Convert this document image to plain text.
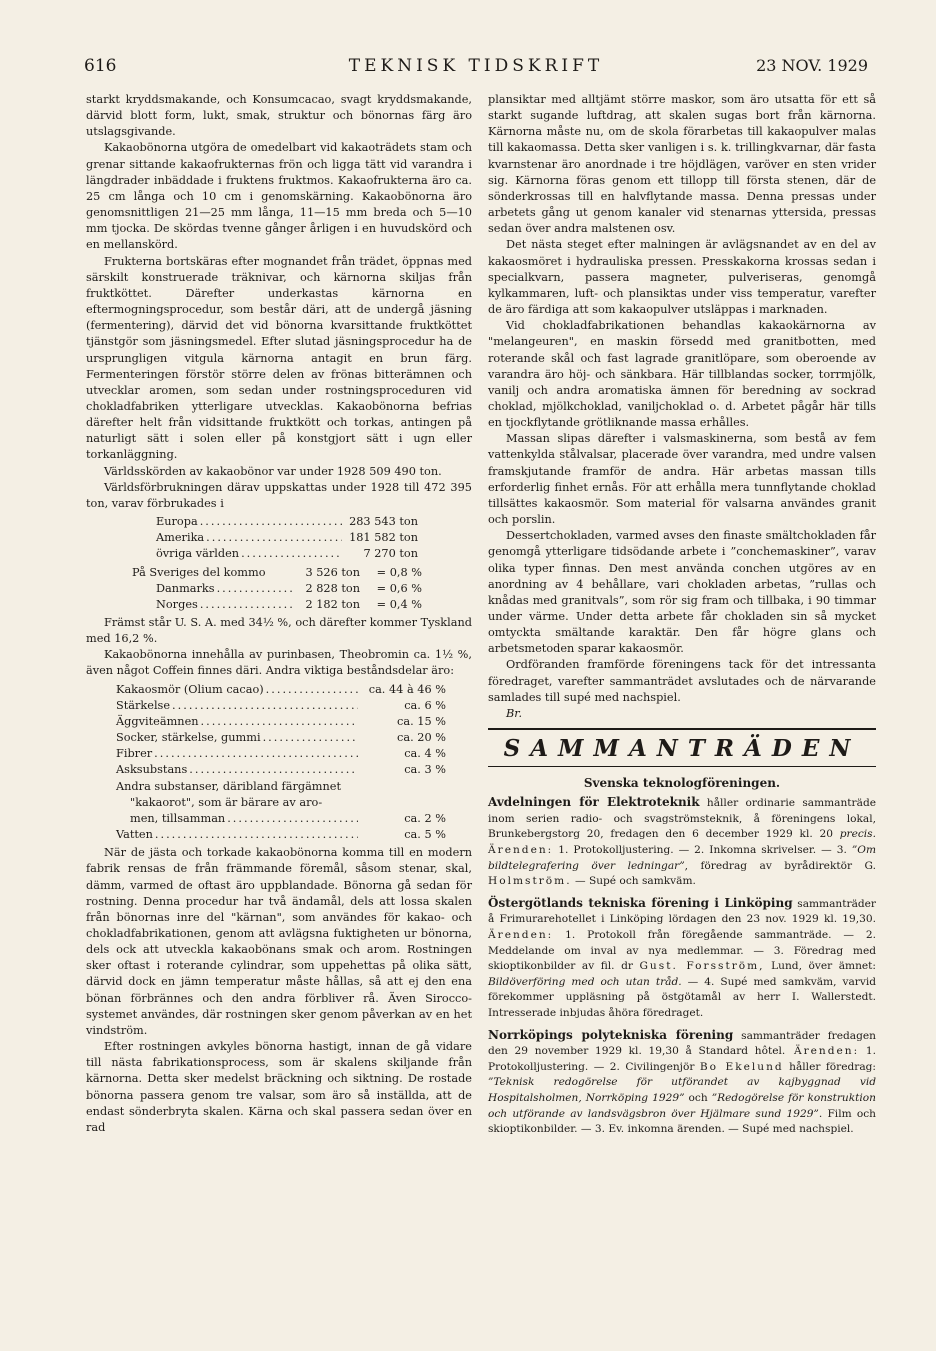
616	TEKNISK TIDSKRIFT	23 NOV. 1929

starkt kryddsmakande, och Konsumcacao, svagt kryddsmakande, därvid blott form, lukt, smak, struktur och bönornas färg äro utslagsgivande.

Kakaobönorna utgöra de omedelbart vid kakaoträdets stam och grenar sittande kakaofrukternas frön och ligga tätt vid varandra i längdrader inbäddade i fruktens fruktmos. Kakaofrukterna äro ca. 25 cm långa och 10 cm i genomskärning. Kakaobönorna äro genomsnittligen 21—25 mm långa, 11—15 mm breda och 5—10 mm tjocka. De skördas tvenne gånger årligen i en huvudskörd och en mellanskörd.

Frukterna bortskäras efter mognandet från trädet, öppnas med särskilt konstruerade träknivar, och kärnorna skiljas från fruktköttet. Därefter underkastas kärnorna en eftermogningsprocedur, som består däri, att de undergå jäsning (fermentering), därvid det vid bönorna kvarsittande fruktköttet tjänstgör som jäsningsmedel. Efter slutad jäsningsprocedur ha de ursprungligen vitgula kärnorna antagit en brun färg. Fermenteringen förstör större delen av frönas bitterämnen och utvecklar aromen, som sedan under rostningsproceduren vid chokladfabriken ytterligare utvecklas. Kakaobönorna befrias därefter helt från vidsittande fruktkött och torkas, antingen på naturligt sätt i solen eller på konstgjort sätt i ugn eller torkanläggning.

Världsskörden av kakaobönor var under 1928 509 490 ton.

Världsförbrukningen därav uppskattas under 1928 till 472 395 ton, varav förbrukades i

Europa .....	283 543 ton
Amerika .....	181 582 ton
övriga världen .....	7 270 ton
På Sveriges del kommo	3 526 ton	= 0,8 %
Danmarks .....	2 828 ton	= 0,6 %
Norges .....	2 182 ton	= 0,4 %

Främst står U. S. A. med 34½ %, och därefter kommer Tyskland med 16,2 %.

Kakaobönorna innehålla av purinbasen, Theobromin ca. 1½ %, även något Coffein finnes däri. Andra viktiga beståndsdelar äro:

Kakaosmör (Olium cacao) .....	ca. 44 à 46 %
Stärkelse .....	ca. 6 %
Äggviteämnen .....	ca. 15 %
Socker, stärkelse, gummi .....	ca. 20 %
Fibrer .....	ca. 4 %
Asksubstans .....	ca. 3 %
Andra substanser, däribland färgämnet
"kakaorot", som är bärare av aro-
men, tillsamman .....	ca. 2 %
Vatten .....	ca. 5 %

När de jästa och torkade kakaobönorna komma till en modern fabrik rensas de från främmande föremål, såsom stenar, skal, dämm, varmed de oftast äro uppblandade. Bönorna gå sedan för rostning. Denna procedur har två ändamål, dels att lossa skalen från bönornas inre del "kärnan", som användes för kakao- och chokladfabrikationen, genom att avlägsna fuktigheten ur bönorna, dels ock att utveckla kakaobönans smak och arom. Rostningen sker oftast i roterande cylindrar, som uppehettas på olika sätt, därvid dock en jämn temperatur måste hållas, så att ej den ena bönan förbrännes och den andra förbliver rå. Även Sirocco-systemet användes, där rostningen sker genom påverkan av en het vindström.

Efter rostningen avkyles bönorna hastigt, innan de gå vidare till nästa fabrikationsprocess, som är skalens skiljande från kärnorna. Detta sker medelst bräckning och siktning. De rostade bönorna passera genom tre valsar, som äro så inställda, att de endast sönderbryta skalen. Kärna och skal passera sedan över en rad

plansiktar med alltjämt större maskor, som äro utsatta för ett så starkt sugande luftdrag, att skalen sugas bort från kärnorna. Kärnorna måste nu, om de skola förarbetas till kakaopulver malas till kakaomassa. Detta sker vanligen i s. k. trillingkvarnar, där fasta kvarnstenar äro anordnade i tre höjdlägen, varöver en sten vrider sig. Kärnorna föras genom ett tillopp till första stenen, där de sönderkrossas till en halvflytande massa. Denna pressas under arbetets gång ut genom kanaler vid stenarnas yttersida, pressas sedan över andra malstenen osv.

Det nästa steget efter malningen är avlägsnandet av en del av kakaosmöret i hydrauliska pressen. Presskakorna krossas sedan i specialkvarn, passera magneter, pulveriseras, genomgå kylkammaren, luft- och plansiktas under viss temperatur, varefter de äro färdiga att som kakaopulver utsläppas i marknaden.

Vid chokladfabrikationen behandlas kakaokärnorna av "melangeuren", en maskin försedd med granitbotten, med roterande skål och fast lagrade granitlöpare, som oberoende av varandra äro höj- och sänkbara. Här tillblandas socker, torrmjölk, vanilj och andra aromatiska ämnen för beredning av sockrad choklad, mjölkchoklad, vaniljchoklad o. d. Arbetet pågår här tills en tjockflytande grötliknande massa erhålles.

Massan slipas därefter i valsmaskinerna, som bestå av fem vattenkylda stålvalsar, placerade över varandra, med undre valsen framskjutande framför de andra. Här arbetas massan tills erforderlig finhet ernås. För att erhålla mera tunnflytande choklad tillsättes kakaosmör. Som material för valsarna användes granit och porslin.

Dessertchokladen, varmed avses den finaste smältchokladen får genomgå ytterligare tidsödande arbete i ”conchemaskiner”, varav olika typer finnas. Den mest använda conchen utgöres av en anordning av 4 behållare, vari chokladen arbetas, ”rullas och knådas med granitvals”, som rör sig fram och tillbaka, i 90 timmar under värme. Under detta arbete får chokladen sin så mycket omtyckta smältande karaktär. Den får högre glans och arbetsmetoden sparar kakaosmör.

Ordföranden framförde föreningens tack för det intressanta föredraget, varefter sammanträdet avslutades och de närvarande samlades till supé med nachspiel.

Br.

SAMMANTRÄDEN
Svenska teknologföreningen.
Avdelningen för Elektroteknik håller ordinarie sammanträde inom serien radio- och svagströmsteknik, å föreningens lokal, Brunkebergstorg 20, fredagen den 6 december 1929 kl. 20 precis. Ärenden: 1. Protokolljustering. — 2. Inkomna skrivelser. — 3. ”Om bildtelegrafering över ledningar”, föredrag av byrådirektör G. Holmström. — Supé och samkväm.
Östergötlands tekniska förening i Linköping sammanträder å Frimurarehotellet i Linköping lördagen den 23 nov. 1929 kl. 19,30. Ärenden: 1. Protokoll från föregående sammanträde. — 2. Meddelande om inval av nya medlemmar. — 3. Föredrag med skioptikonbilder av fil. dr Gust. Forsström, Lund, över ämnet: Bildöverföring med och utan tråd. — 4. Supé med samkväm, varvid förekommer uppläsning på östgötamål av herr I. Wallerstedt. Intresserade inbjudas åhöra föredraget.
Norrköpings polytekniska förening sammanträder fredagen den 29 november 1929 kl. 19,30 å Standard hôtel. Ärenden: 1. Protokolljustering. — 2. Civilingenjör Bo Ekelund håller föredrag: ”Teknisk redogörelse för utförandet av kajbyggnad vid Hospitalsholmen, Norrköping 1929” och ”Redogörelse för konstruktion och utförande av landsvägsbron över Hjälmare sund 1929”. Film och skioptikonbilder. — 3. Ev. inkomna ärenden. — Supé med nachspiel.
